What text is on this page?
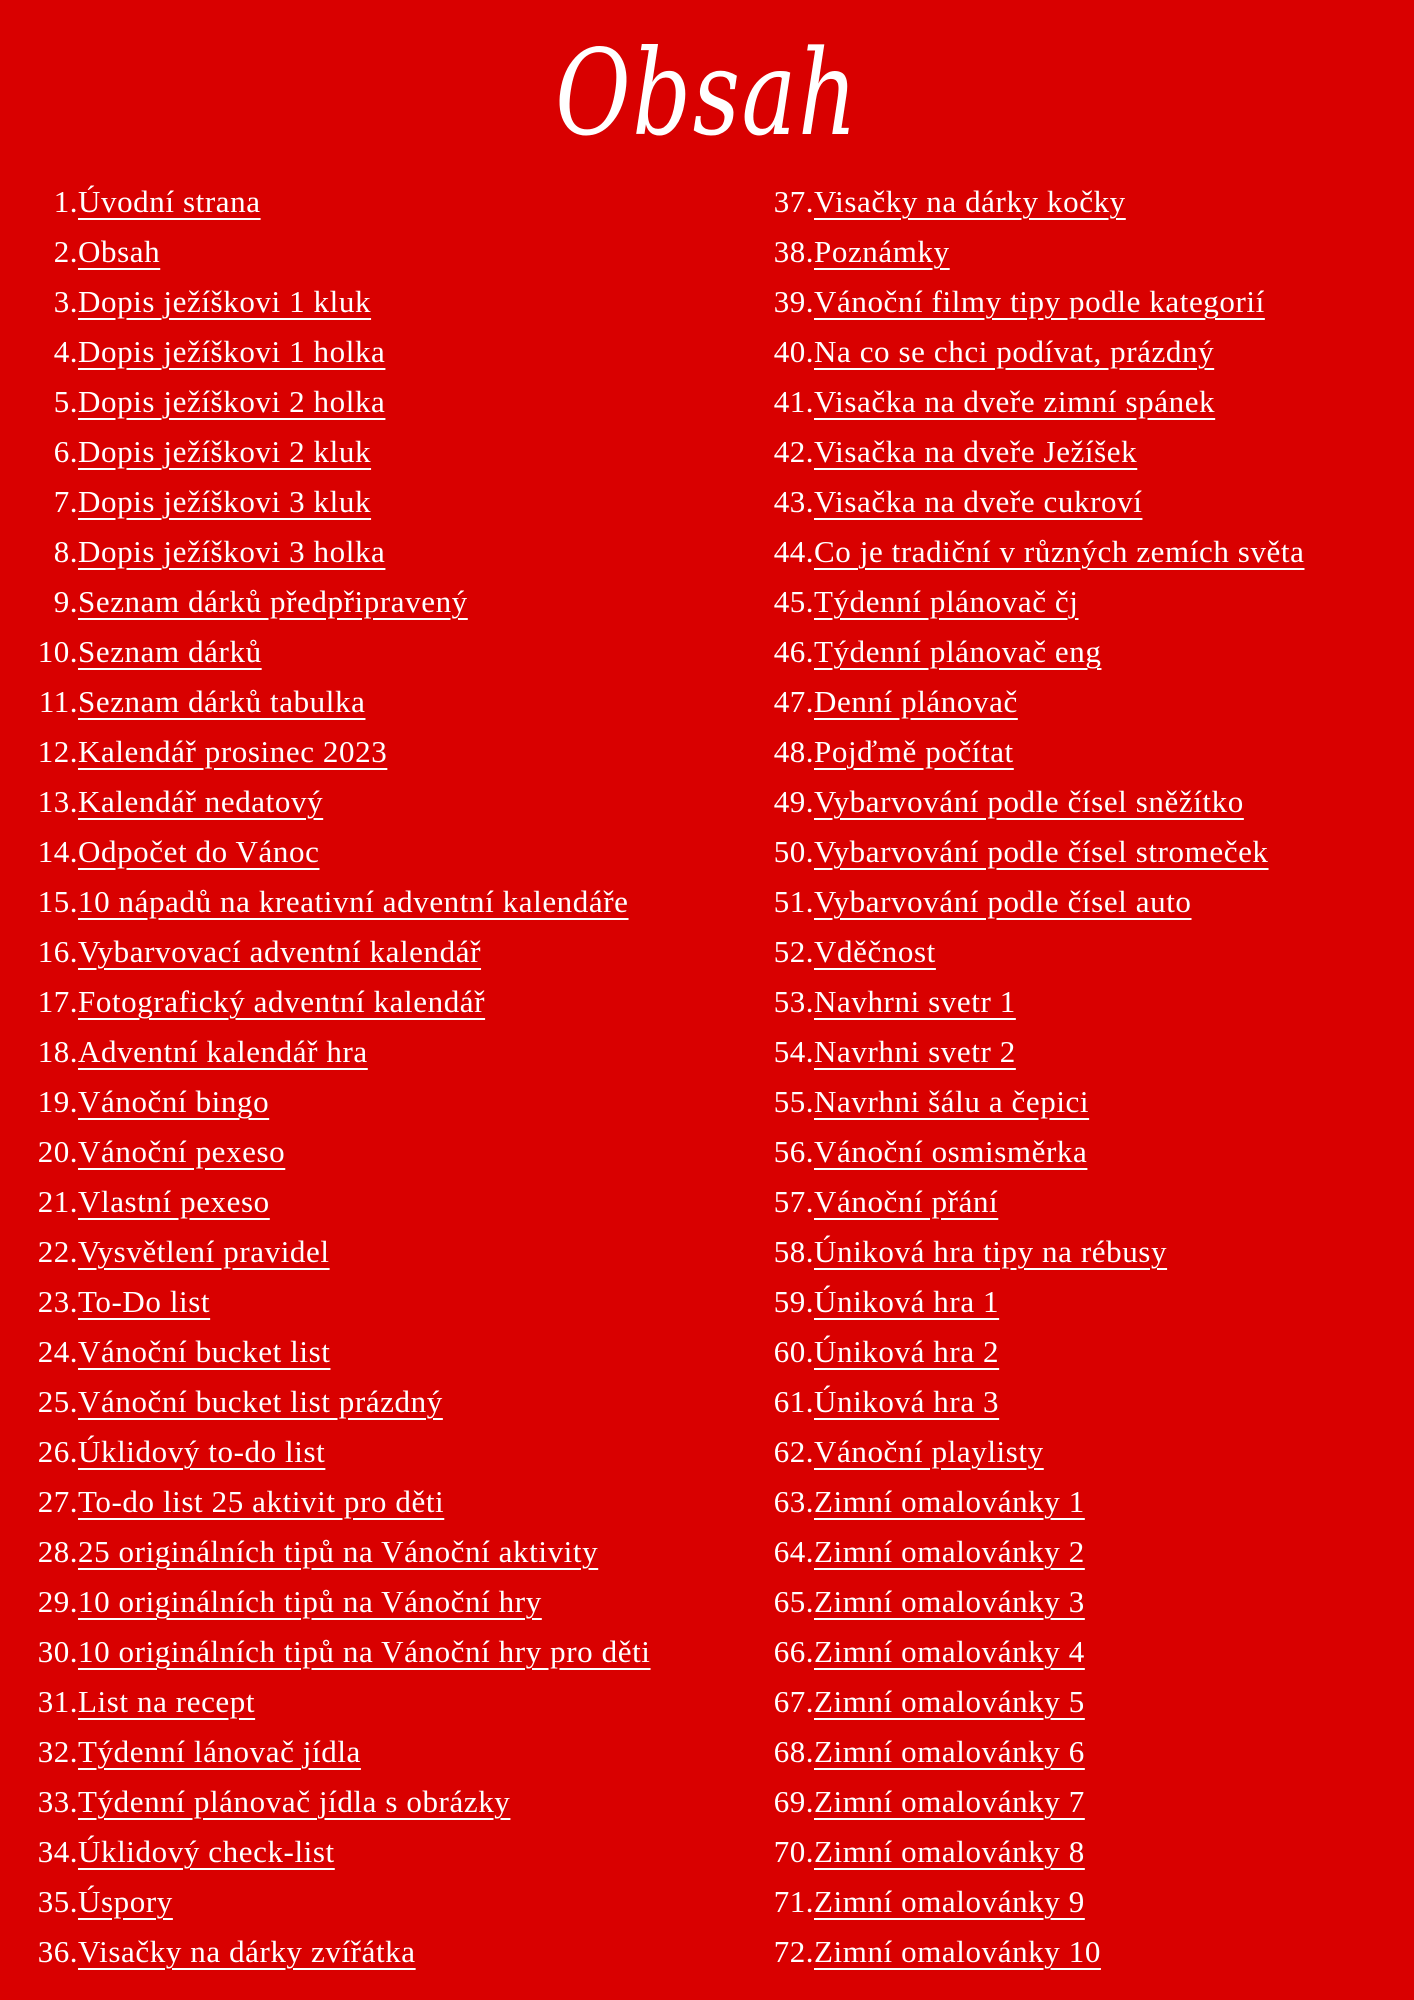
Obsah
1. Úvodní strana
2. Obsah
3. Dopis ježíškovi 1 kluk
4. Dopis ježíškovi 1 holka
5. Dopis ježíškovi 2 holka
6. Dopis ježíškovi 2 kluk
7. Dopis ježíškovi 3 kluk
8. Dopis ježíškovi 3 holka
9. Seznam dárků předpřipravený
10. Seznam dárků
11. Seznam dárků tabulka
12. Kalendář prosinec 2023
13. Kalendář nedatový
14. Odpočet do Vánoc
15. 10 nápadů na kreativní adventní kalendáře
16. Vybarvovací adventní kalendář
17. Fotografický adventní kalendář
18. Adventní kalendář hra
19. Vánoční bingo
20. Vánoční pexeso
21. Vlastní pexeso
22. Vysvětlení pravidel
23. To-Do list
24. Vánoční bucket list
25. Vánoční bucket list prázdný
26. Úklidový to-do list
27. To-do list 25 aktivit pro děti
28. 25 originálních tipů na Vánoční aktivity
29. 10 originálních tipů na Vánoční hry
30. 10 originálních tipů na Vánoční hry pro děti
31. List na recept
32. Týdenní lánovač jídla
33. Týdenní plánovač jídla s obrázky
34. Úklidový check-list
35. Úspory
36. Visačky na dárky zvířátka
37. Visačky na dárky kočky
38. Poznámky
39. Vánoční filmy tipy podle kategorií
40. Na co se chci podívat, prázdný
41. Visačka na dveře zimní spánek
42. Visačka na dveře Ježíšek
43. Visačka na dveře cukroví
44. Co je tradiční v různých zemích světa
45. Týdenní plánovač čj
46. Týdenní plánovač eng
47. Denní plánovač
48. Pojďmě počítat
49. Vybarvování podle čísel sněžítko
50. Vybarvování podle čísel stromeček
51. Vybarvování podle čísel auto
52. Vděčnost
53. Navhrni svetr 1
54. Navrhni svetr 2
55. Navrhni šálu a čepici
56. Vánoční osmisměrka
57. Vánoční přání
58. Úniková hra tipy na rébusy
59. Úniková hra 1
60. Úniková hra 2
61. Úniková hra 3
62. Vánoční playlisty
63. Zimní omalovánky 1
64. Zimní omalovánky 2
65. Zimní omalovánky 3
66. Zimní omalovánky 4
67. Zimní omalovánky 5
68. Zimní omalovánky 6
69. Zimní omalovánky 7
70. Zimní omalovánky 8
71. Zimní omalovánky 9
72. Zimní omalovánky 10
